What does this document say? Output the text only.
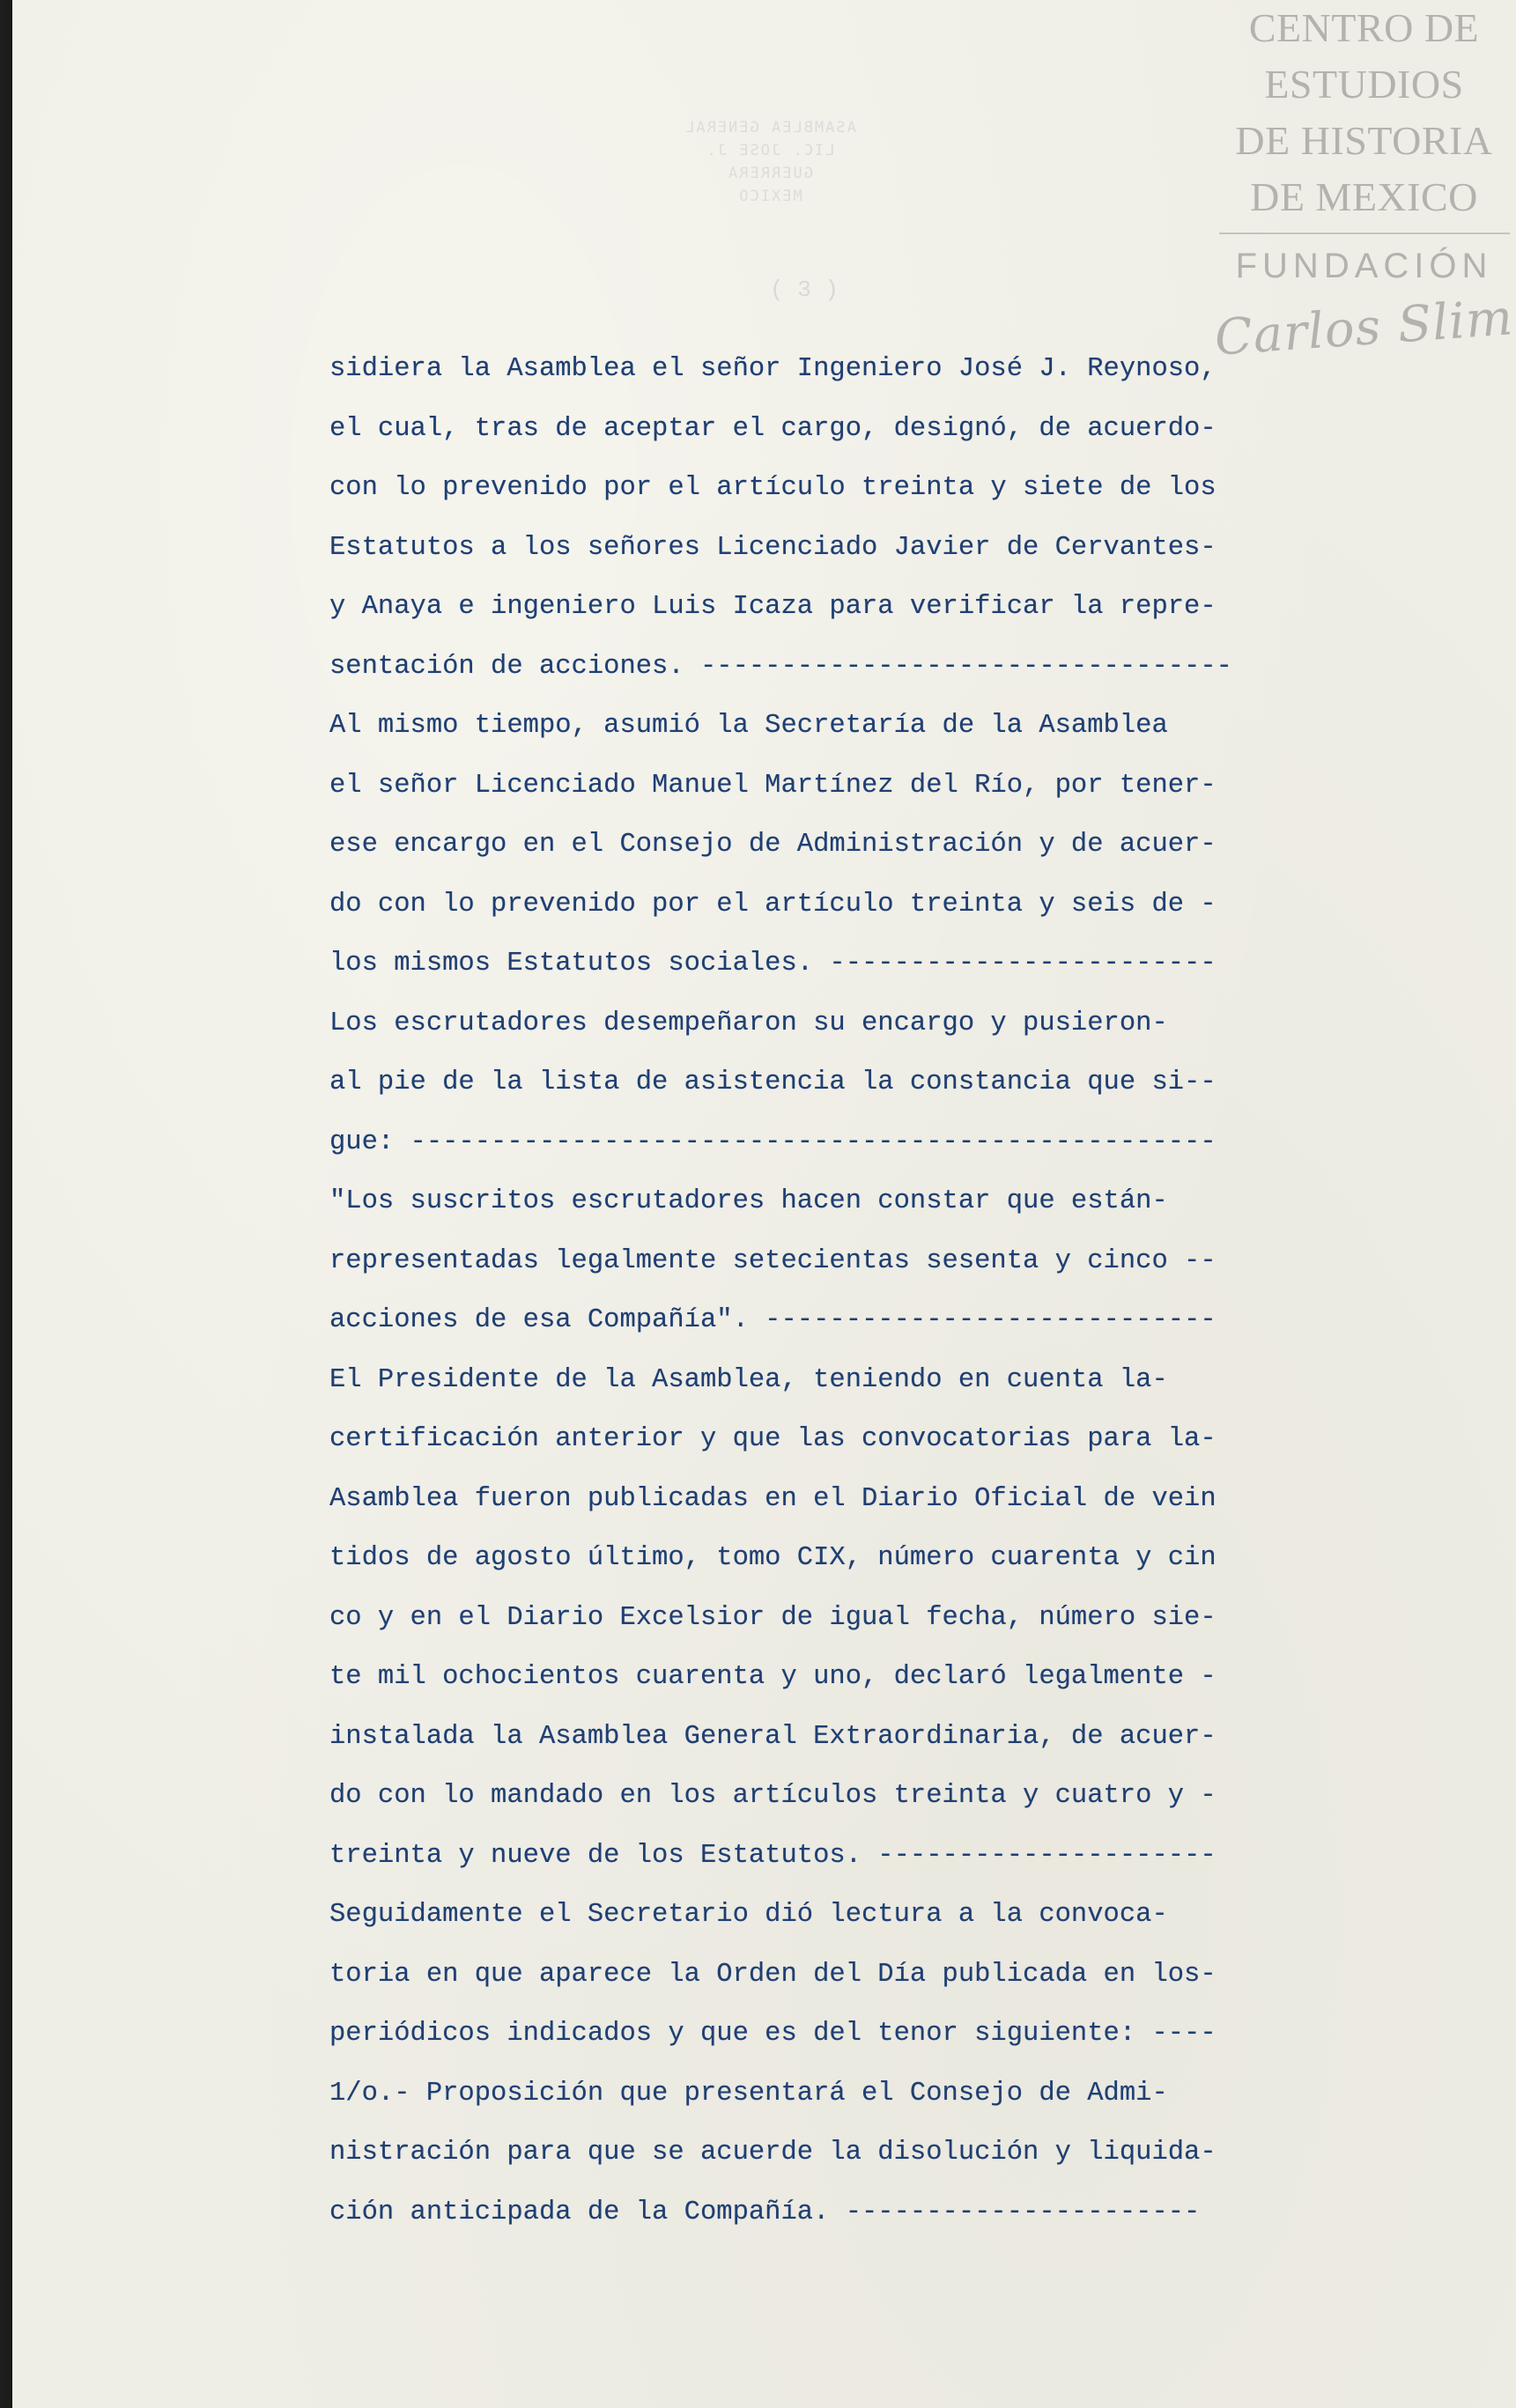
ASAMBLEA GENERAL
LIC. JOSE J. GUERRERA
MEXICO
( 3 )
sidiera la Asamblea el señor Ingeniero José J. Reynoso,
el cual, tras de aceptar el cargo, designó, de acuerdo-
con lo prevenido por el artículo treinta y siete de los
Estatutos a los señores Licenciado Javier de Cervantes-
y Anaya e ingeniero Luis Icaza para verificar la repre-
sentación de acciones. ---------------------------------
Al mismo tiempo, asumió la Secretaría de la Asamblea
el señor Licenciado Manuel Martínez del Río, por tener-
ese encargo en el Consejo de Administración y de acuer-
do con lo prevenido por el artículo treinta y seis de -
los mismos Estatutos sociales. ------------------------
Los escrutadores desempeñaron su encargo y pusieron-
al pie de la lista de asistencia la constancia que si--
gue: --------------------------------------------------
"Los suscritos escrutadores hacen constar que están-
representadas legalmente setecientas sesenta y cinco --
acciones de esa Compañía". ----------------------------
El Presidente de la Asamblea, teniendo en cuenta la-
certificación anterior y que las convocatorias para la-
Asamblea fueron publicadas en el Diario Oficial de vein
tidos de agosto último, tomo CIX, número cuarenta y cin
co y en el Diario Excelsior de igual fecha, número sie-
te mil ochocientos cuarenta y uno, declaró legalmente -
instalada la Asamblea General Extraordinaria, de acuer-
do con lo mandado en los artículos treinta y cuatro y -
treinta y nueve de los Estatutos. ---------------------
Seguidamente el Secretario dió lectura a la convoca-
toria en que aparece la Orden del Día publicada en los-
periódicos indicados y que es del tenor siguiente: ----
1/o.- Proposición que presentará el Consejo de Admi-
nistración para que se acuerde la disolución y liquida-
ción anticipada de la Compañía. ----------------------
CENTRO DE
ESTUDIOS
DE HISTORIA
DE MEXICO
FUNDACIÓN
Carlos Slim
